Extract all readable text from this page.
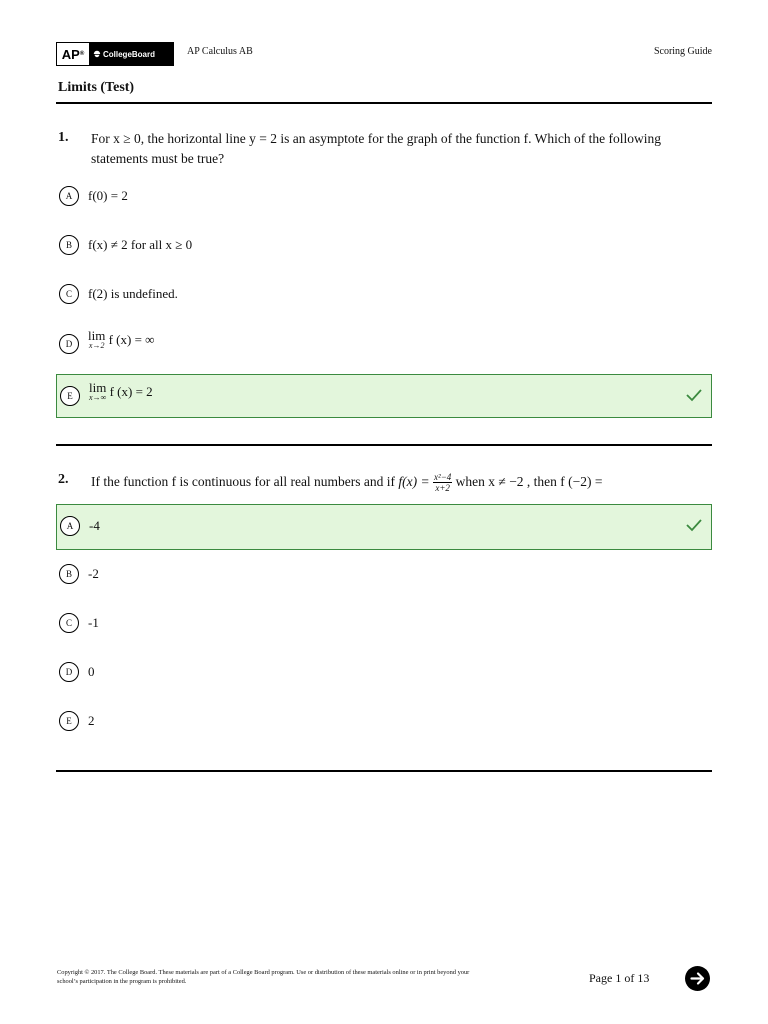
AP ® CollegeBoard	AP Calculus AB	Scoring Guide
Limits (Test)
1. For x ≥ 0, the horizontal line y = 2 is an asymptote for the graph of the function f. Which of the following statements must be true?
A	f(0) = 2
B	f(x) ≠ 2 for all x ≥ 0
C	f(2) is undefined.
D
lim
x→2 f (x) = ∞
E
lim
x→∞ f (x) = 2
2. If the function f is continuous for all real numbers and if $f(x) = \frac{\text{x²−4}}{x+2}$ when x ≠ −2 , then f (−2) =
A	-4
B	-2
C	-1
D	0
E	2
Copyright © 2017. The College Board. These materials are part of a College Board program. Use or distribution of these materials online or in print beyond your school’s participation in the program is prohibited.	Page 1 of 13
